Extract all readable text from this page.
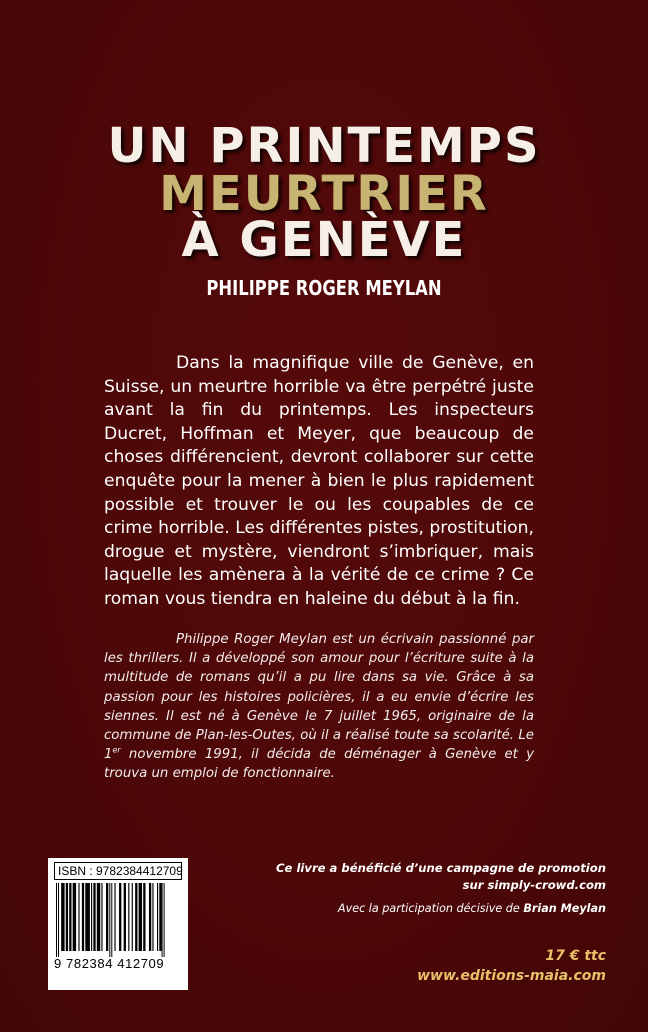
UN PRINTEMPS
MEURTRIER
À GENÈVE
PHILIPPE ROGER MEYLAN

Dans la magnifique ville de Genève, en Suisse, un meurtre horrible va être perpétré juste avant la fin du printemps. Les inspecteurs Ducret, Hoffman et Meyer, que beaucoup de choses différencient, devront collaborer sur cette enquête pour la mener à bien le plus rapidement possible et trouver le ou les coupables de ce crime horrible. Les différentes pistes, prostitution, drogue et mystère, viendront s’imbriquer, mais laquelle les amènera à la vérité de ce crime ? Ce roman vous tiendra en haleine du début à la fin.

Philippe Roger Meylan est un écrivain passionné par les thrillers. Il a développé son amour pour l’écriture suite à la multitude de romans qu’il a pu lire dans sa vie. Grâce à sa passion pour les histoires policières, il a eu envie d’écrire les siennes. Il est né à Genève le 7 juillet 1965, originaire de la commune de Plan-les-Outes, où il a réalisé toute sa scolarité. Le 1er novembre 1991, il décida de déménager à Genève et y trouva un emploi de fonctionnaire.

ISBN : 9782384412709
9 782384 412709
Ce livre a bénéficié d’une campagne de promotion
sur simply-crowd.com
Avec la participation décisive de Brian Meylan
17 € ttc
www.editions-maia.com
